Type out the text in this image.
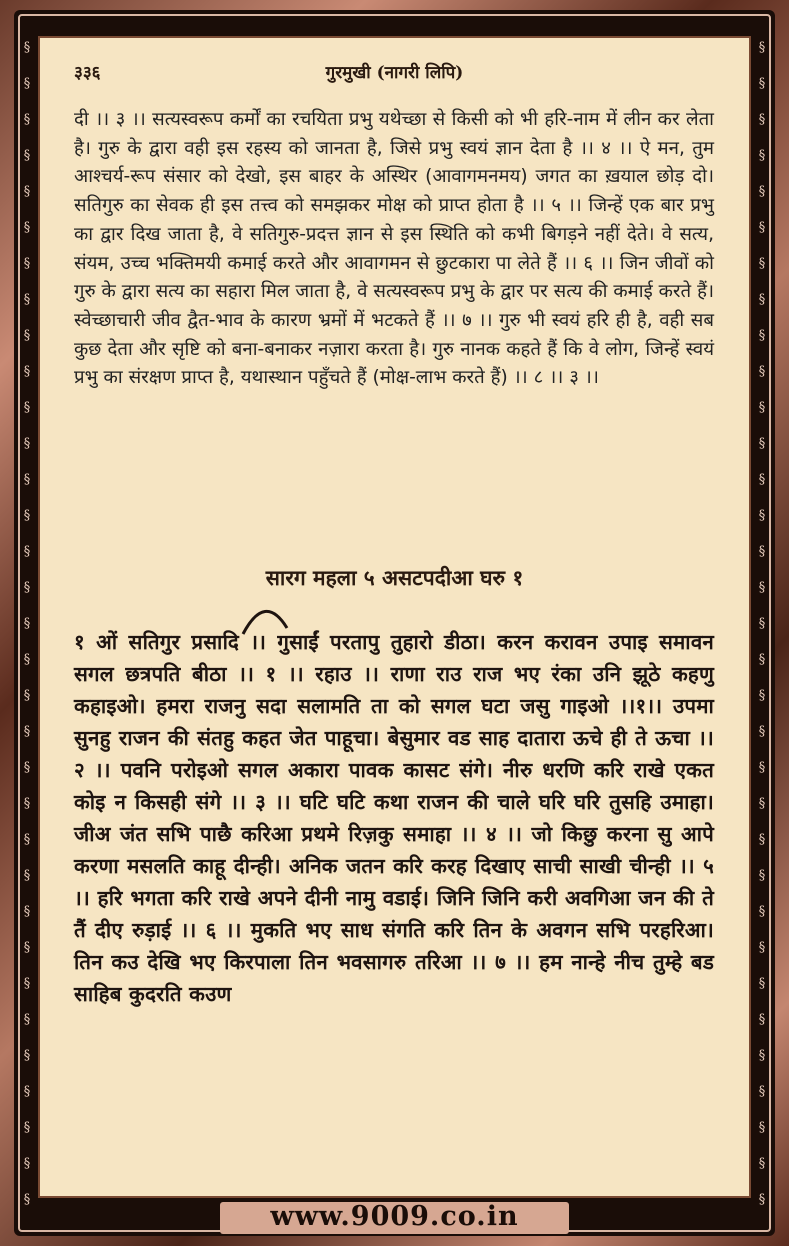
§
§
§
§
§
§
§
§
§
§
§
§
§
§
§
§
§
§
§
§
§
§
§
§
§
§
§
§
§
§
§
§
§
§
§
§
§
§
§
§
§
§
§
§
§
§
§
§
§
§
§
§
§
§
§
§
§
§
§
§
§
§
§
§
§
§
३३६	गुरमुखी (नागरी लिपि)
दी ।। ३ ।। सत्यस्वरूप कर्मों का रचयिता प्रभु यथेच्छा से किसी को भी हरि-नाम में लीन कर लेता है। गुरु के द्वारा वही इस रहस्य को जानता है, जिसे प्रभु स्वयं ज्ञान देता है ।। ४ ।। ऐ मन, तुम आश्चर्य-रूप संसार को देखो, इस बाहर के अस्थिर (आवागमनमय) जगत का ख़याल छोड़ दो। सतिगुरु का सेवक ही इस तत्त्व को समझकर मोक्ष को प्राप्त होता है ।। ५ ।। जिन्हें एक बार प्रभु का द्वार दिख जाता है, वे सतिगुरु-प्रदत्त ज्ञान से इस स्थिति को कभी बिगड़ने नहीं देते। वे सत्य, संयम, उच्च भक्तिमयी कमाई करते और आवागमन से छुटकारा पा लेते हैं ।। ६ ।। जिन जीवों को गुरु के द्वारा सत्य का सहारा मिल जाता है, वे सत्यस्वरूप प्रभु के द्वार पर सत्य की कमाई करते हैं। स्वेच्छाचारी जीव द्वैत-भाव के कारण भ्रमों में भटकते हैं ।। ७ ।। गुरु भी स्वयं हरि ही है, वही सब कुछ देता और सृष्टि को बना-बनाकर नज़ारा करता है। गुरु नानक कहते हैं कि वे लोग, जिन्हें स्वयं प्रभु का संरक्षण प्राप्त है, यथास्थान पहुँचते हैं (मोक्ष-लाभ करते हैं) ।। ८ ।। ३ ।।
सारग महला ५ असटपदीआ घरु १
१ ओं सतिगुर प्रसादि ।। गुसाईं परतापु तुहारो डीठा। करन करावन उपाइ समावन सगल छत्रपति बीठा ।। १ ।। रहाउ ।। राणा राउ राज भए रंका उनि झूठे कहणु कहाइओ। हमरा राजनु सदा सलामति ता को सगल घटा जसु गाइओ ।।१।। उपमा सुनहु राजन की संतहु कहत जेत पाहूचा। बेसुमार वड साह दातारा ऊचे ही ते ऊचा ।। २ ।। पवनि परोइओ सगल अकारा पावक कासट संगे। नीरु धरणि करि राखे एकत कोइ न किसही संगे ।। ३ ।। घटि घटि कथा राजन की चाले घरि घरि तुसहि उमाहा। जीअ जंत सभि पाछै करिआ प्रथमे रिज़कु समाहा ।। ४ ।। जो किछु करना सु आपे करणा मसलति काहू दीन्ही। अनिक जतन करि करह दिखाए साची साखी चीन्ही ।। ५ ।। हरि भगता करि राखे अपने दीनी नामु वडाई। जिनि जिनि करी अवगिआ जन की ते तैं दीए रुड़ाई ।। ६ ।। मुकति भए साध संगति करि तिन के अवगन सभि परहरिआ। तिन कउ देखि भए किरपाला तिन भवसागरु तरिआ ।। ७ ।। हम नान्हे नीच तुम्हे बड साहिब कुदरति कउण
www.9009.co.in
